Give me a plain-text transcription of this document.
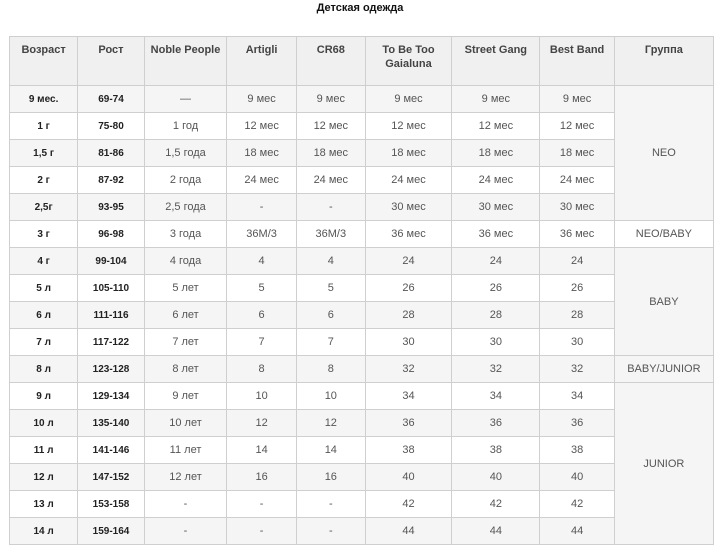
Детская одежда
Возраст	Рост	Noble People	Artigli	CR68	To Be Too Gaialuna	Street Gang	Best Band	Группа
9 мес.	69-74	—	9 мес	9 мес	9 мес	9 мес	9 мес	NEO
1 г	75-80	1 год	12 мес	12 мес	12 мес	12 мес	12 мес	
1,5 г	81-86	1,5 года	18 мес	18 мес	18 мес	18 мес	18 мес	
2 г	87-92	2 года	24 мес	24 мес	24 мес	24 мес	24 мес	
2,5г	93-95	2,5 года	-	-	30 мес	30 мес	30 мес	
3 г	96-98	3 года	36М/3	36М/3	36 мес	36 мес	36 мес	NEO/BABY
4 г	99-104	4 года	4	4	24	24	24	BABY
5 л	105-110	5 лет	5	5	26	26	26	
6 л	111-116	6 лет	6	6	28	28	28	
7 л	117-122	7 лет	7	7	30	30	30	
8 л	123-128	8 лет	8	8	32	32	32	BABY/JUNIOR
9 л	129-134	9 лет	10	10	34	34	34	JUNIOR
10 л	135-140	10 лет	12	12	36	36	36	
11 л	141-146	11 лет	14	14	38	38	38	
12 л	147-152	12 лет	16	16	40	40	40	
13 л	153-158	-	-	-	42	42	42	
14 л	159-164	-	-	-	44	44	44	
